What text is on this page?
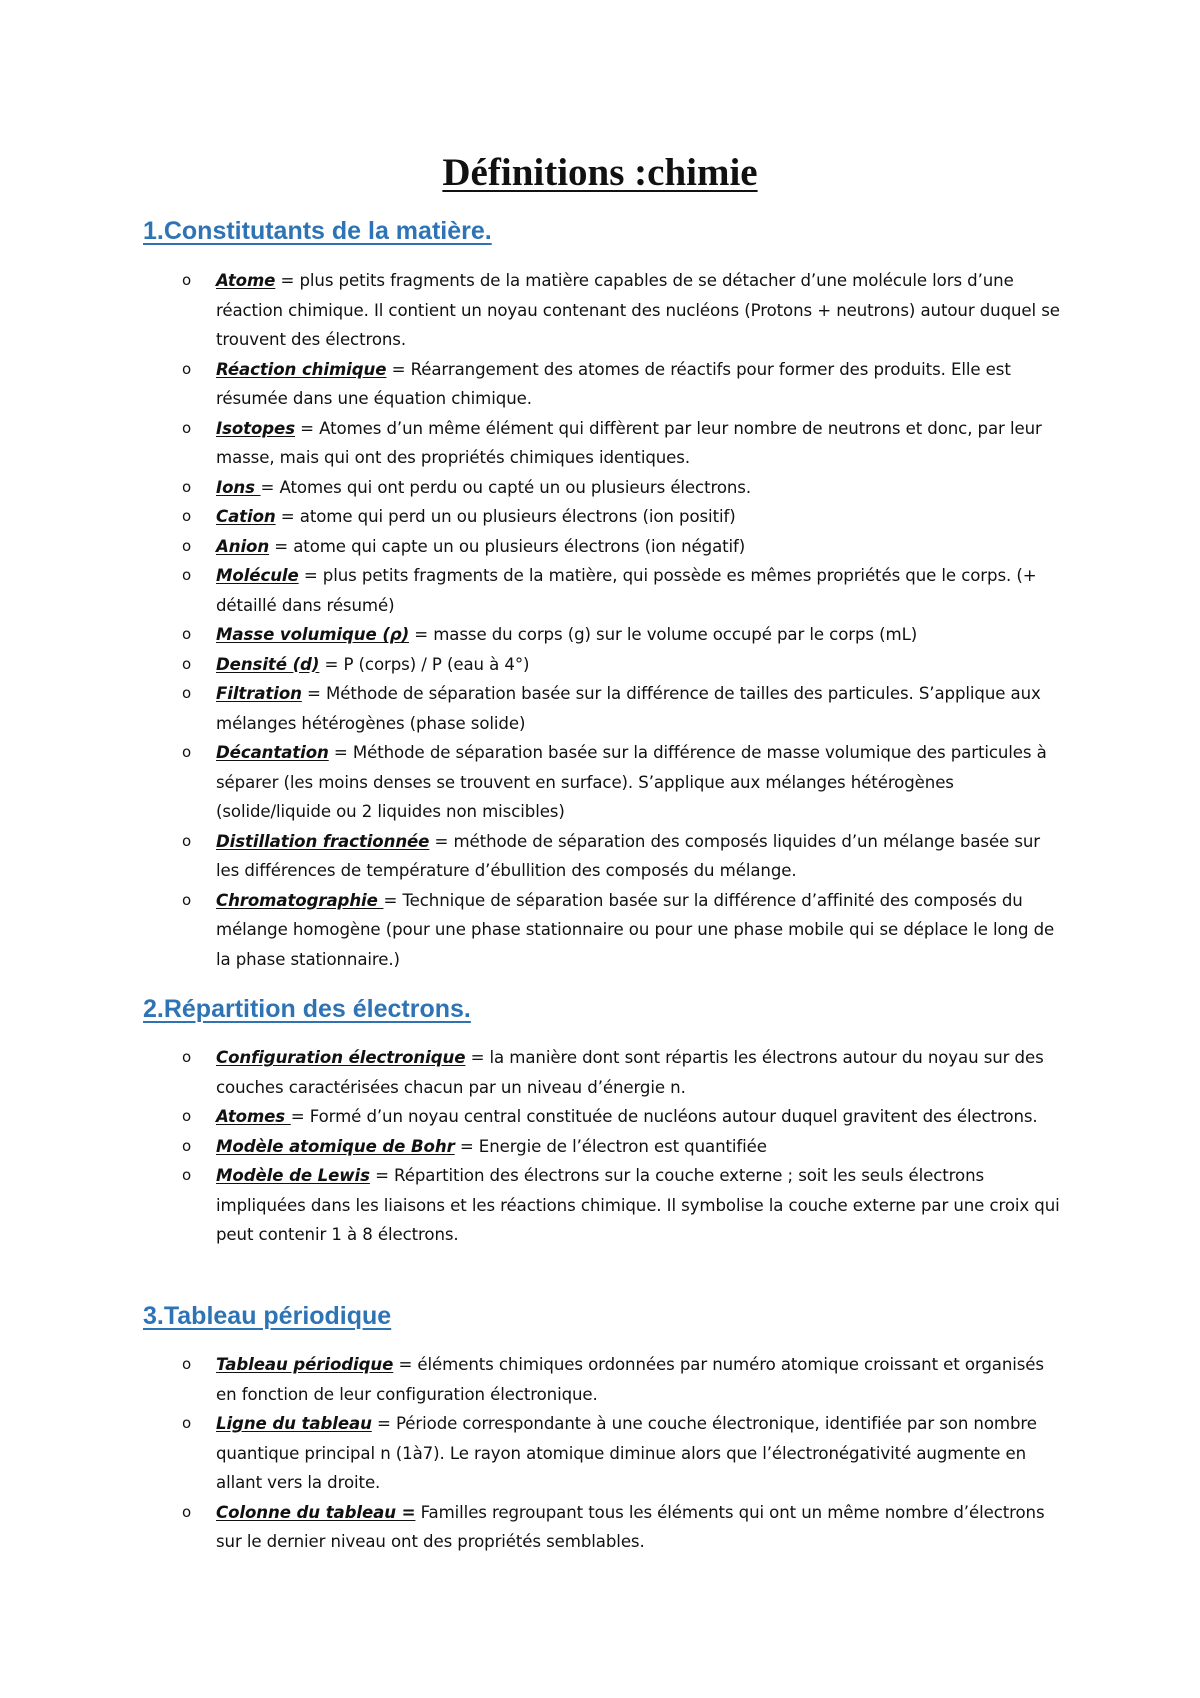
Définitions :chimie
1.Constitutants de la matière.
o Atome = plus petits fragments de la matière capables de se détacher d’une molécule lors d’une réaction chimique. Il contient un noyau contenant des nucléons (Protons + neutrons) autour duquel se trouvent des électrons.
o Réaction chimique = Réarrangement des atomes de réactifs pour former des produits. Elle est résumée dans une équation chimique.
o Isotopes = Atomes d’un même élément qui diffèrent par leur nombre de neutrons et donc, par leur masse, mais qui ont des propriétés chimiques identiques.
o Ions = Atomes qui ont perdu ou capté un ou plusieurs électrons.
o Cation = atome qui perd un ou plusieurs électrons (ion positif)
o Anion = atome qui capte un ou plusieurs électrons (ion négatif)
o Molécule = plus petits fragments de la matière, qui possède es mêmes propriétés que le corps. (+ détaillé dans résumé)
o Masse volumique (ρ) = masse du corps (g) sur le volume occupé par le corps (mL)
o Densité (d) = P (corps) / P (eau à 4°)
o Filtration = Méthode de séparation basée sur la différence de tailles des particules. S’applique aux mélanges hétérogènes (phase solide)
o Décantation = Méthode de séparation basée sur la différence de masse volumique des particules à séparer (les moins denses se trouvent en surface). S’applique aux mélanges hétérogènes (solide/liquide ou 2 liquides non miscibles)
o Distillation fractionnée = méthode de séparation des composés liquides d’un mélange basée sur les différences de température d’ébullition des composés du mélange.
o Chromatographie = Technique de séparation basée sur la différence d’affinité des composés du mélange homogène (pour une phase stationnaire ou pour une phase mobile qui se déplace le long de la phase stationnaire.)
2.Répartition des électrons.
o Configuration électronique = la manière dont sont répartis les électrons autour du noyau sur des couches caractérisées chacun par un niveau d’énergie n.
o Atomes = Formé d’un noyau central constituée de nucléons autour duquel gravitent des électrons.
o Modèle atomique de Bohr = Energie de l’électron est quantifiée
o Modèle de Lewis = Répartition des électrons sur la couche externe ; soit les seuls électrons impliquées dans les liaisons et les réactions chimique. Il symbolise la couche externe par une croix qui peut contenir 1 à 8 électrons.
3.Tableau périodique
o Tableau périodique = éléments chimiques ordonnées par numéro atomique croissant et organisés en fonction de leur configuration électronique.
o Ligne du tableau = Période correspondante à une couche électronique, identifiée par son nombre quantique principal n (1à7). Le rayon atomique diminue alors que l’électronégativité augmente en allant vers la droite.
o Colonne du tableau = Familles regroupant tous les éléments qui ont un même nombre d’électrons sur le dernier niveau ont des propriétés semblables.
